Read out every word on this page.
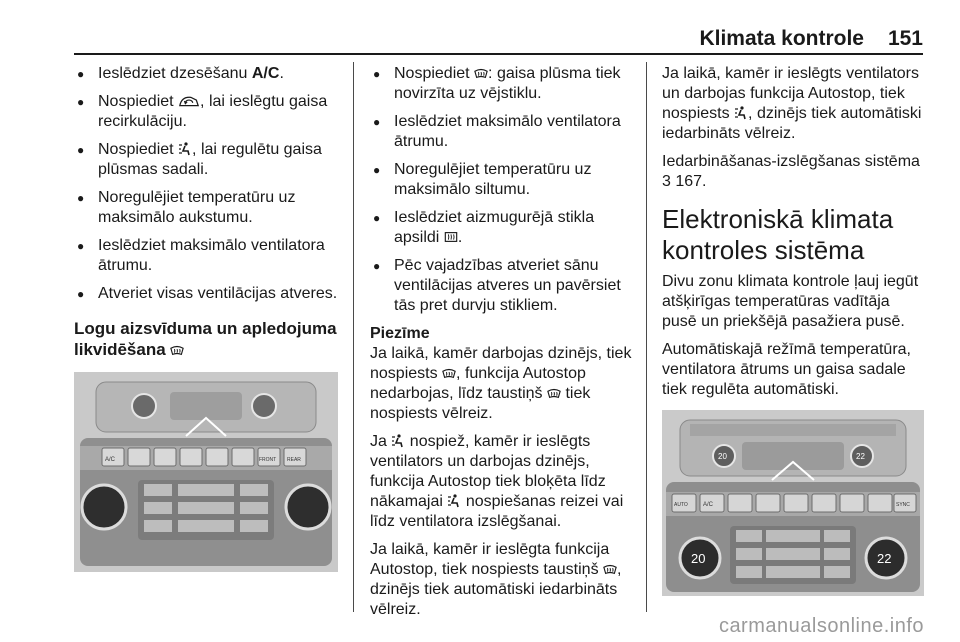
Klimata kontrole 151
● Ieslēdziet dzesēšanu A/C.
● Nospiediet , lai ieslēgtu gaisa recirkulāciju.
● Nospiediet , lai regulētu gaisa plūsmas sadali.
● Noregulējiet temperatūru uz maksimālo aukstumu.
● Ieslēdziet maksimālo ventilatora ātrumu.
● Atveriet visas ventilācijas atveres.
Logu aizsvīduma un apledojuma likvidēšana
A/C	FRONT REAR
● Nospiediet : gaisa plūsma tiek novirzīta uz vējstiklu.
● Ieslēdziet maksimālo ventilatora ātrumu.
● Noregulējiet temperatūru uz maksimālo siltumu.
● Ieslēdziet aizmugurējā stikla apsildi .
● Pēc vajadzības atveriet sānu ventilācijas atveres un pavērsiet tās pret durvju stikliem.

Piezīme

Ja laikā, kamēr darbojas dzinējs, tiek nospiests , funkcija Autostop nedarbojas, līdz taustiņš  tiek nospiests vēlreiz.

Ja  nospiež, kamēr ir ieslēgts ventilators un darbojas dzinējs, funkcija Autostop tiek bloķēta līdz nākamajai  nospiešanas reizei vai līdz ventilatora izslēgšanai.

Ja laikā, kamēr ir ieslēgta funkcija Autostop, tiek nospiests taustiņš , dzinējs tiek automātiski iedarbināts vēlreiz.

Ja laikā, kamēr ir ieslēgts ventilators un darbojas funkcija Autostop, tiek nospiests , dzinējs tiek automātiski iedarbināts vēlreiz.

Iedarbināšanas-izslēgšanas sistēma
3 167.

Elektroniskā klimata kontroles sistēma

Divu zonu klimata kontrole ļauj iegūt atšķirīgas temperatūras vadītāja pusē un priekšējā pasažiera pusē.

Automātiskajā režīmā temperatūra, ventilatora ātrums un gaisa sadale tiek regulēta automātiski.

20	22
AUTO	A/C	SYNC
20	22
carmanualsonline.info
